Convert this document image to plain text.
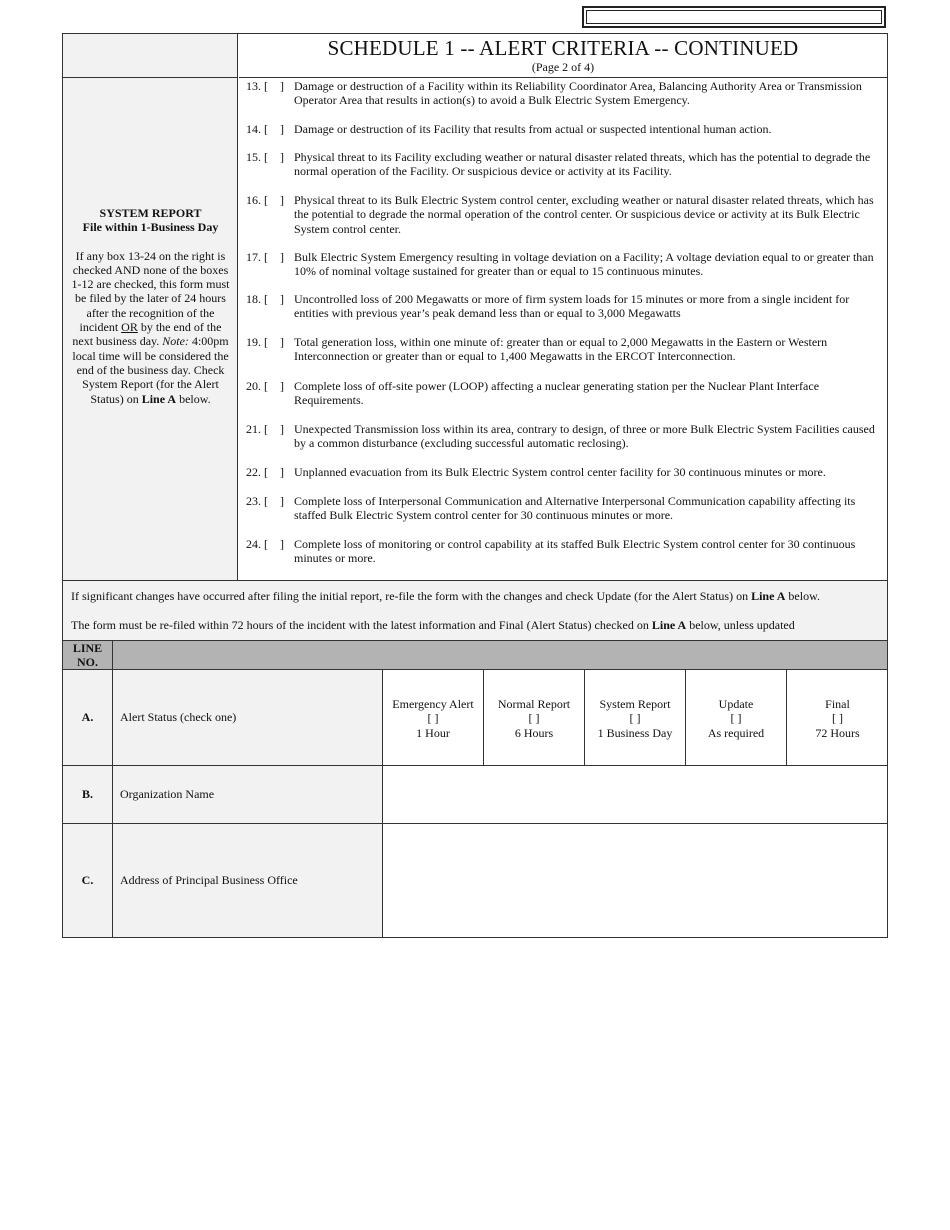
SYSTEM REPORT
File within 1-Business Day
If any box 13-24 on the right is checked AND none of the boxes 1-12 are checked, this form must be filed by the later of 24 hours after the recognition of the incident OR by the end of the next business day. Note: 4:00pm local time will be considered the end of the business day. Check System Report (for the Alert Status) on Line A below.
SCHEDULE 1 -- ALERT CRITERIA -- CONTINUED
(Page 2 of 4)
13. [    ] Damage or destruction of a Facility within its Reliability Coordinator Area, Balancing Authority Area or Transmission Operator Area that results in action(s) to avoid a Bulk Electric System Emergency.
14. [    ] Damage or destruction of its Facility that results from actual or suspected intentional human action.
15. [    ] Physical threat to its Facility excluding weather or natural disaster related threats, which has the potential to degrade the normal operation of the Facility. Or suspicious device or activity at its Facility.
16. [    ] Physical threat to its Bulk Electric System control center, excluding weather or natural disaster related threats, which has the potential to degrade the normal operation of the control center. Or suspicious device or activity at its Bulk Electric System control center.
17. [    ] Bulk Electric System Emergency resulting in voltage deviation on a Facility; A voltage deviation equal to or greater than 10% of nominal voltage sustained for greater than or equal to 15 continuous minutes.
18. [    ] Uncontrolled loss of 200 Megawatts or more of firm system loads for 15 minutes or more from a single incident for entities with previous year’s peak demand less than or equal to 3,000 Megawatts
19. [    ] Total generation loss, within one minute of: greater than or equal to 2,000 Megawatts in the Eastern or Western Interconnection or greater than or equal to 1,400 Megawatts in the ERCOT Interconnection.
20. [    ] Complete loss of off-site power (LOOP) affecting a nuclear generating station per the Nuclear Plant Interface Requirements.
21. [    ] Unexpected Transmission loss within its area, contrary to design, of three or more Bulk Electric System Facilities caused by a common disturbance (excluding successful automatic reclosing).
22. [    ] Unplanned evacuation from its Bulk Electric System control center facility for 30 continuous minutes or more.
23. [    ] Complete loss of Interpersonal Communication and Alternative Interpersonal Communication capability affecting its staffed Bulk Electric System control center for 30 continuous minutes or more.
24. [    ] Complete loss of monitoring or control capability at its staffed Bulk Electric System control center for 30 continuous minutes or more.

If significant changes have occurred after filing the initial report, re-file the form with the changes and check Update (for the Alert Status) on Line A below.

The form must be re-filed within 72 hours of the incident with the latest information and Final (Alert Status) checked on Line A below, unless updated

LINE
NO.
A.	Alert Status (check one)
Emergency Alert
[ ]
1 Hour
Normal Report
[ ]
6 Hours
System Report
[ ]
1 Business Day
Update
[ ]
As required
Final
[ ]
72 Hours
B.	Organization Name
C.	Address of Principal Business Office
